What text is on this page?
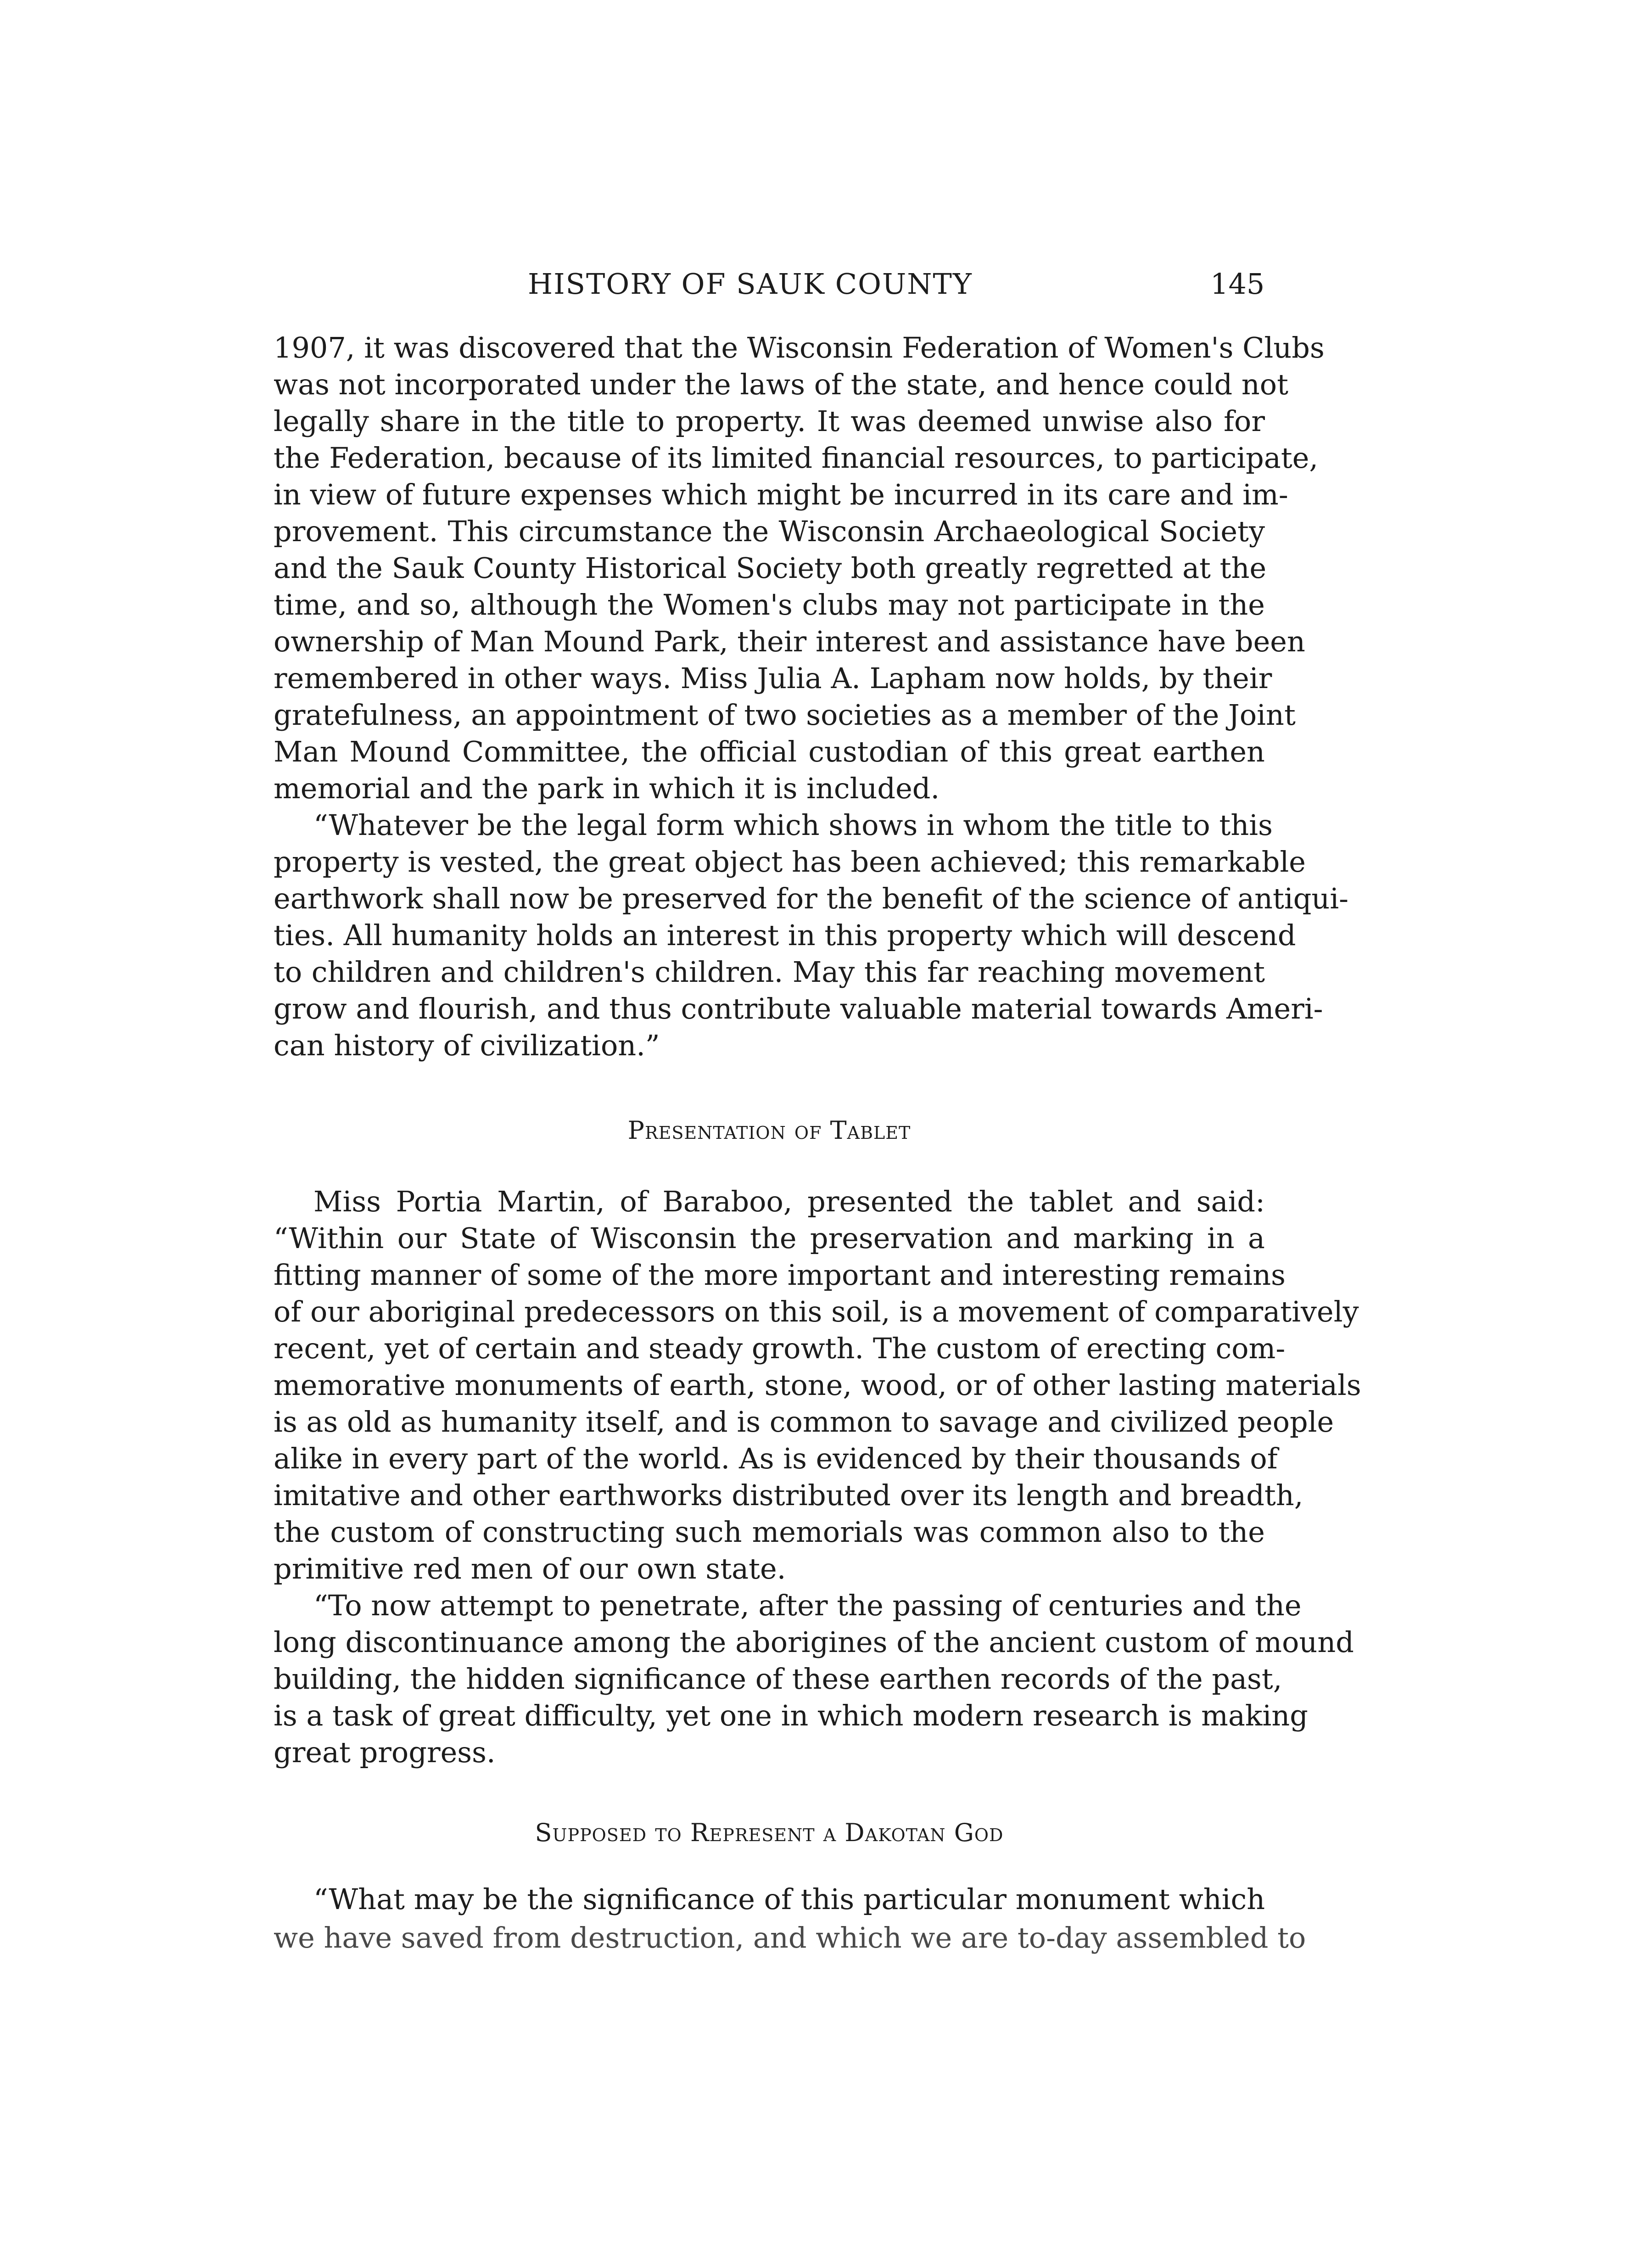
HISTORY OF SAUK COUNTY	145
1907, it was discovered that the Wisconsin Federation of Women's Clubs
was not incorporated under the laws of the state, and hence could not
legally share in the title to property. It was deemed unwise also for
the Federation, because of its limited financial resources, to participate,
in view of future expenses which might be incurred in its care and im-
provement. This circumstance the Wisconsin Archaeological Society
and the Sauk County Historical Society both greatly regretted at the
time, and so, although the Women's clubs may not participate in the
ownership of Man Mound Park, their interest and assistance have been
remembered in other ways. Miss Julia A. Lapham now holds, by their
gratefulness, an appointment of two societies as a member of the Joint
Man Mound Committee, the official custodian of this great earthen
memorial and the park in which it is included.
“Whatever be the legal form which shows in whom the title to this
property is vested, the great object has been achieved; this remarkable
earthwork shall now be preserved for the benefit of the science of antiqui-
ties. All humanity holds an interest in this property which will descend
to children and children's children. May this far reaching movement
grow and flourish, and thus contribute valuable material towards Ameri-
can history of civilization.”
Presentation of Tablet
Miss Portia Martin, of Baraboo, presented the tablet and said:
“Within our State of Wisconsin the preservation and marking in a
fitting manner of some of the more important and interesting remains
of our aboriginal predecessors on this soil, is a movement of comparatively
recent, yet of certain and steady growth. The custom of erecting com-
memorative monuments of earth, stone, wood, or of other lasting materials
is as old as humanity itself, and is common to savage and civilized people
alike in every part of the world. As is evidenced by their thousands of
imitative and other earthworks distributed over its length and breadth,
the custom of constructing such memorials was common also to the
primitive red men of our own state.
“To now attempt to penetrate, after the passing of centuries and the
long discontinuance among the aborigines of the ancient custom of mound
building, the hidden significance of these earthen records of the past,
is a task of great difficulty, yet one in which modern research is making
great progress.
Supposed to Represent a Dakotan God
“What may be the significance of this particular monument which
we have saved from destruction, and which we are to-day assembled to
